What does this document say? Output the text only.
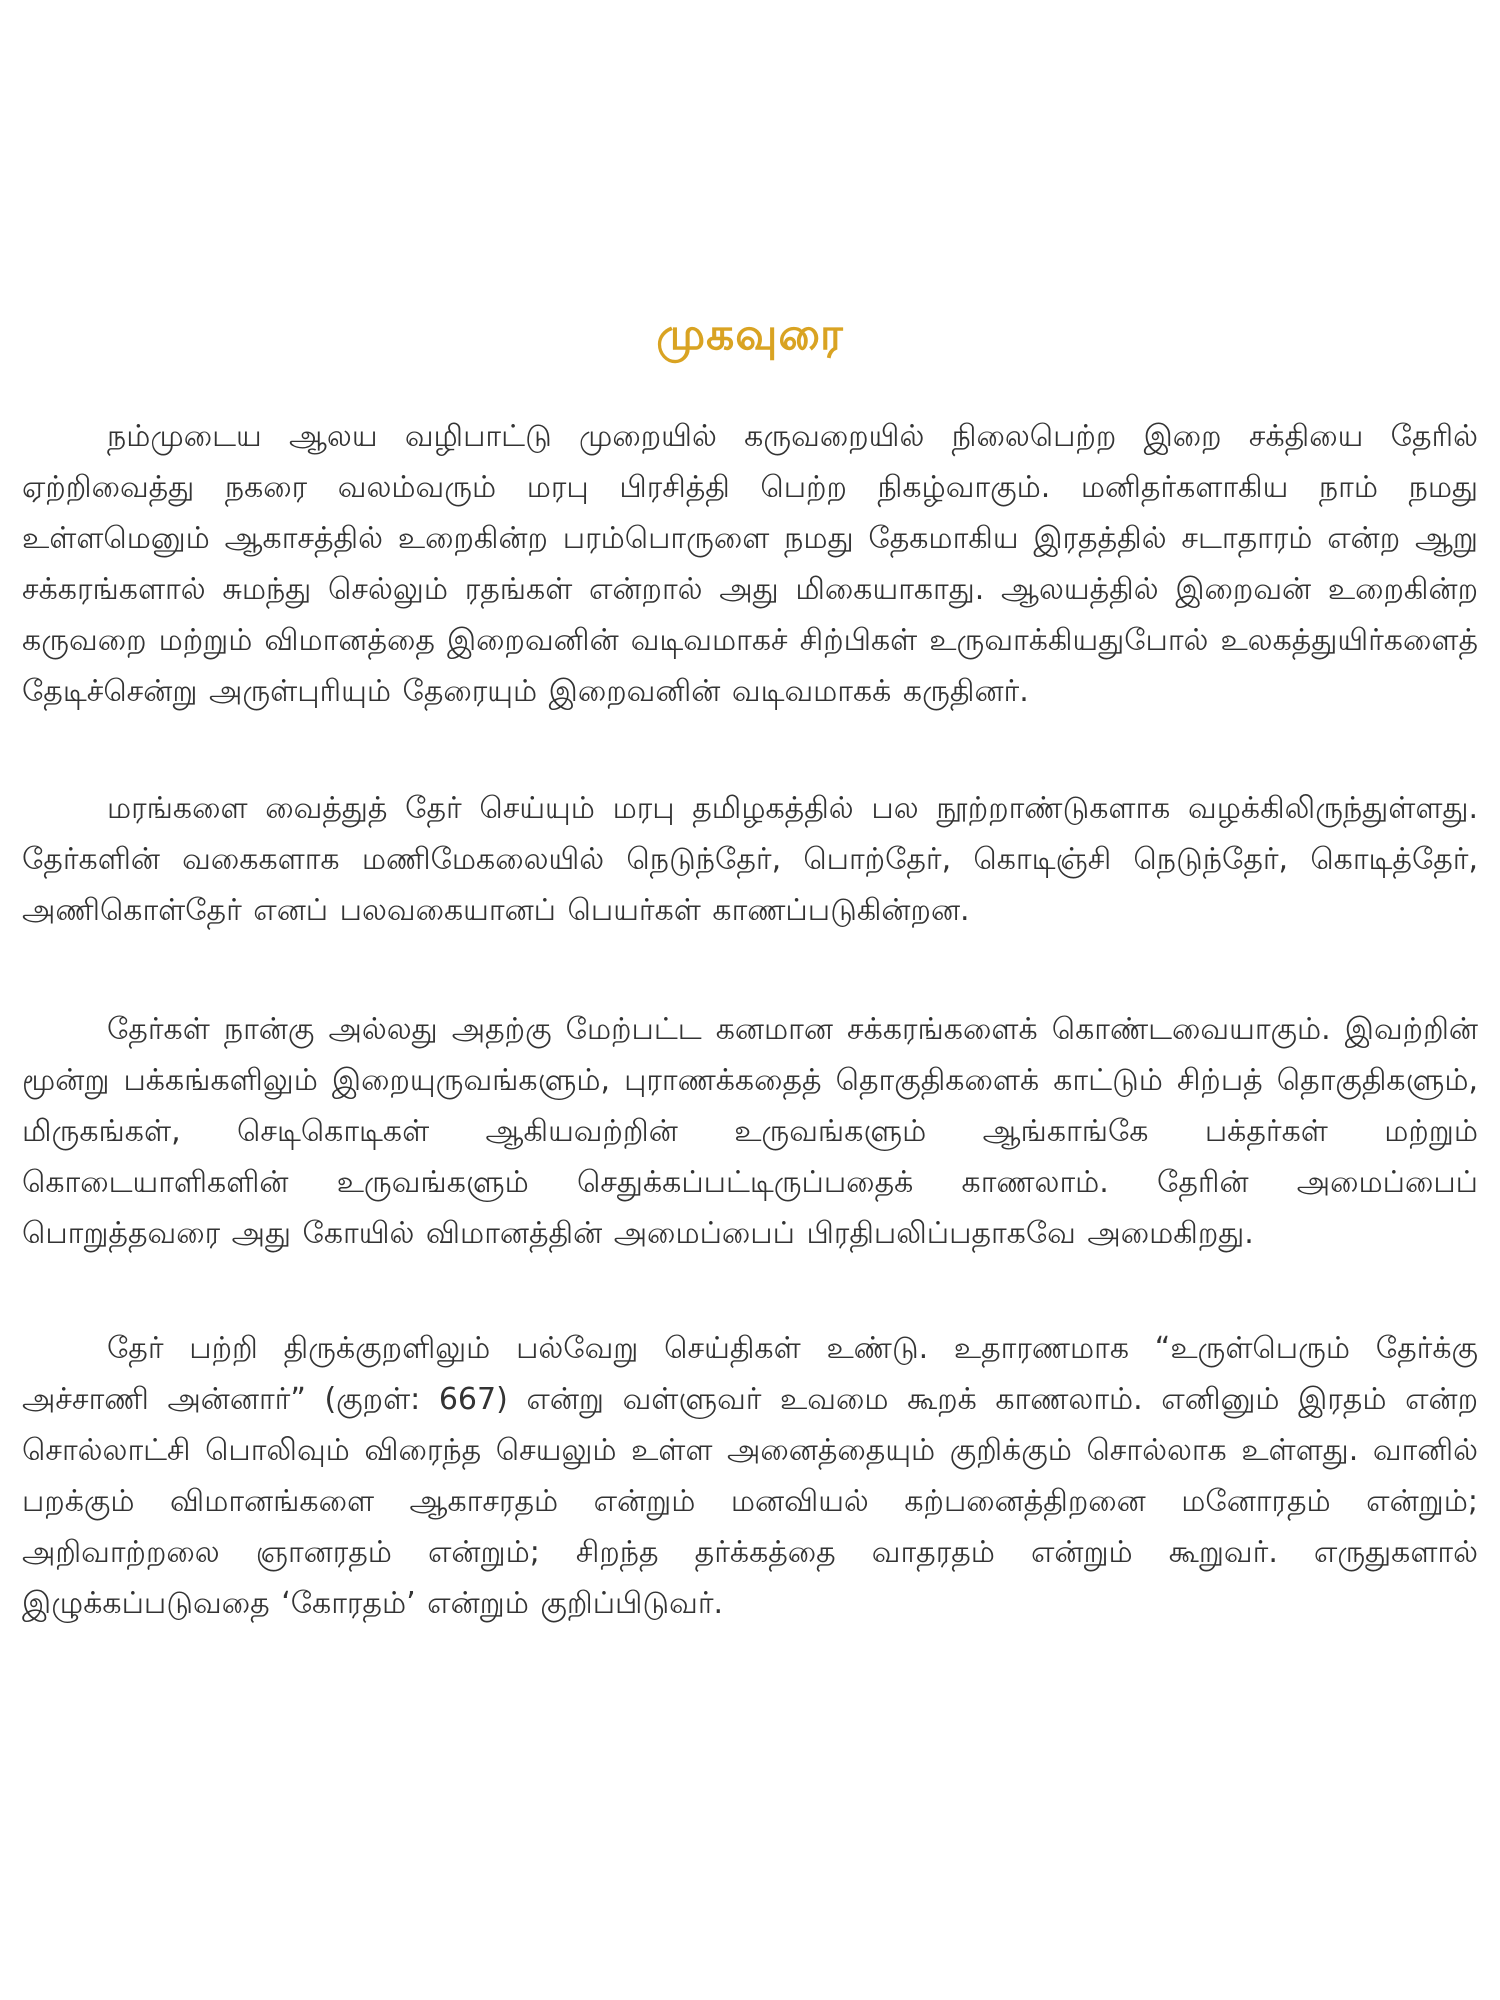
முகவுரை

நம்முடைய ஆலய வழிபாட்டு முறையில் கருவறையில் நிலைபெற்ற இறை சக்தியை தேரில் ஏற்றிவைத்து நகரை வலம்வரும் மரபு பிரசித்தி பெற்ற நிகழ்வாகும். மனிதர்களாகிய நாம் நமது உள்ளமெனும் ஆகாசத்தில் உறைகின்ற பரம்பொருளை நமது தேகமாகிய இரதத்தில் சடாதாரம் என்ற ஆறு சக்கரங்களால் சுமந்து செல்லும் ரதங்கள் என்றால் அது மிகையாகாது. ஆலயத்தில் இறைவன் உறைகின்ற கருவறை மற்றும் விமானத்தை இறைவனின் வடிவமாகச் சிற்பிகள் உருவாக்கியதுபோல் உலகத்துயிர்களைத் தேடிச்சென்று அருள்புரியும் தேரையும் இறைவனின் வடிவமாகக் கருதினர்.

மரங்களை வைத்துத் தேர் செய்யும் மரபு தமிழகத்தில் பல நூற்றாண்டுகளாக வழக்கிலிருந்துள்ளது. தேர்களின் வகைகளாக மணிமேகலையில் நெடுந்தேர், பொற்தேர், கொடிஞ்சி நெடுந்தேர், கொடித்தேர், அணிகொள்தேர் எனப் பலவகையானப் பெயர்கள் காணப்படுகின்றன.

தேர்கள் நான்கு அல்லது அதற்கு மேற்பட்ட கனமான சக்கரங்களைக் கொண்டவையாகும். இவற்றின் மூன்று பக்கங்களிலும் இறையுருவங்களும், புராணக்கதைத் தொகுதிகளைக் காட்டும் சிற்பத் தொகுதிகளும், மிருகங்கள், செடிகொடிகள் ஆகியவற்றின் உருவங்களும் ஆங்காங்கே பக்தர்கள் மற்றும் கொடையாளிகளின் உருவங்களும் செதுக்கப்பட்டிருப்பதைக் காணலாம். தேரின் அமைப்பைப் பொறுத்தவரை அது கோயில் விமானத்தின் அமைப்பைப் பிரதிபலிப்பதாகவே அமைகிறது.

தேர் பற்றி திருக்குறளிலும் பல்வேறு செய்திகள் உண்டு. உதாரணமாக “உருள்பெரும் தேர்க்கு அச்சாணி அன்னார்” (குறள்: 667) என்று வள்ளுவர் உவமை கூறக் காணலாம். எனினும் இரதம் என்ற சொல்லாட்சி பொலிவும் விரைந்த செயலும் உள்ள அனைத்தையும் குறிக்கும் சொல்லாக உள்ளது. வானில் பறக்கும் விமானங்களை ஆகாசரதம் என்றும் மனவியல் கற்பனைத்திறனை மனோரதம் என்றும்; அறிவாற்றலை ஞானரதம் என்றும்; சிறந்த தர்க்கத்தை வாதரதம் என்றும் கூறுவர். எருதுகளால் இழுக்கப்படுவதை ‘கோரதம்’ என்றும் குறிப்பிடுவர்.
